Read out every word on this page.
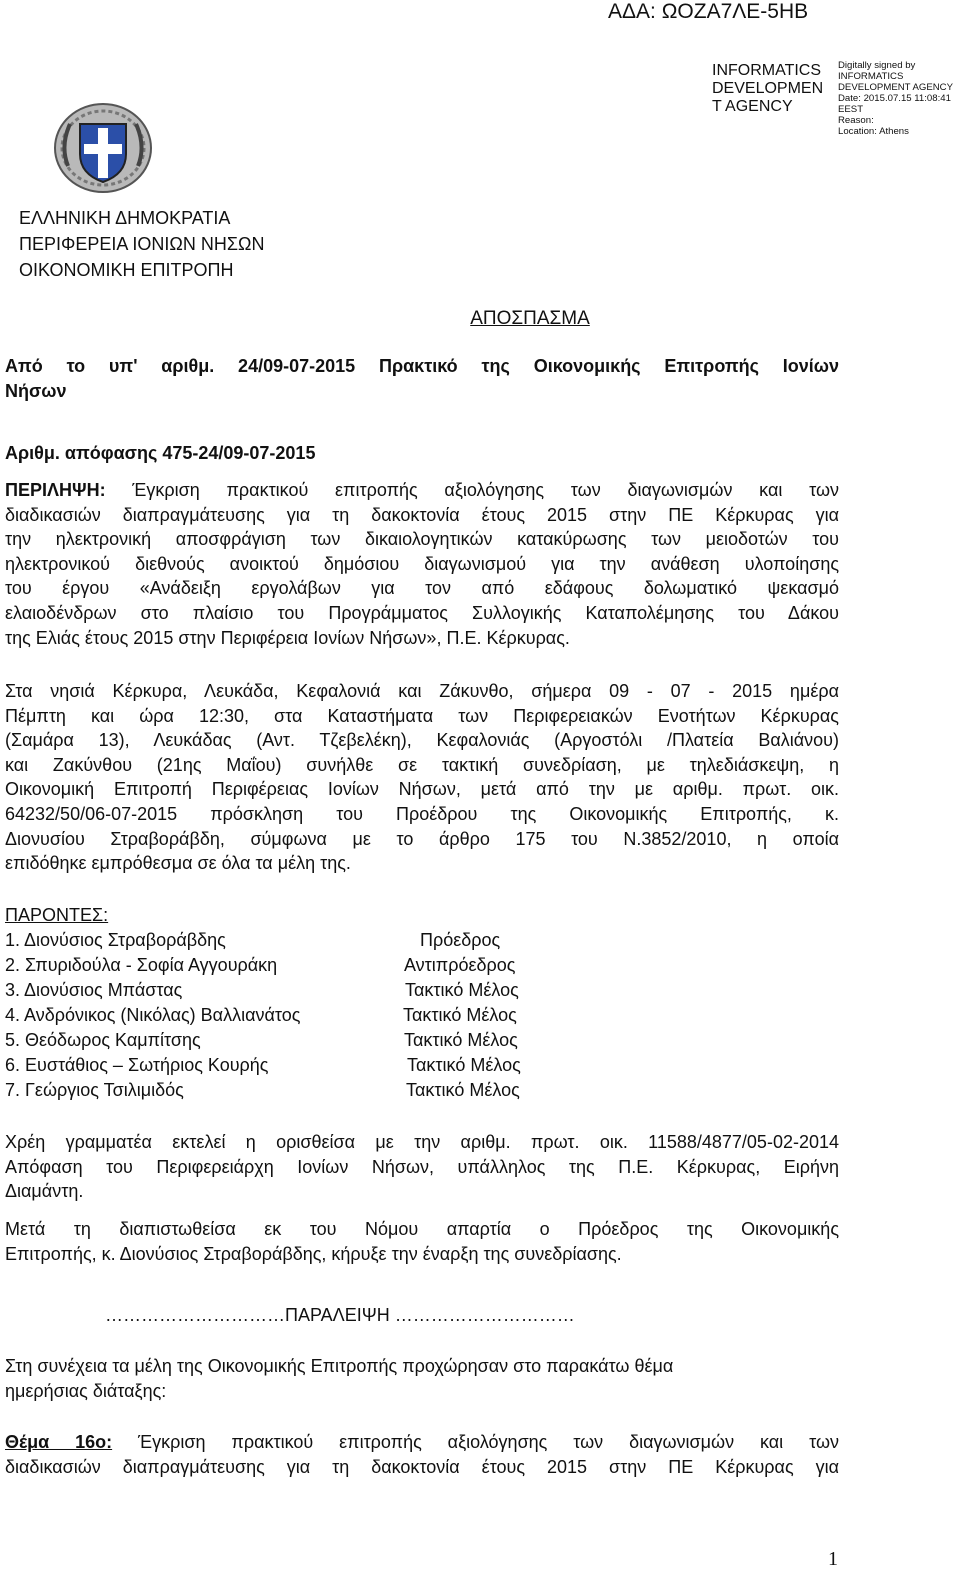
ΑΔΑ: ΩΟΖΑ7ΛΕ-5ΗΒ
INFORMATICS
DEVELOPMEN
T AGENCY
Digitally signed by
INFORMATICS
DEVELOPMENT AGENCY
Date: 2015.07.15 11:08:41
EEST
Reason:
Location: Athens
ΕΛΛΗΝΙΚΗ ΔΗΜΟΚΡΑΤΙΑ
ΠΕΡΙΦΕΡΕΙΑ ΙΟΝΙΩΝ ΝΗΣΩΝ
ΟΙΚΟΝΟΜΙΚΗ ΕΠΙΤΡΟΠΗ
ΑΠΟΣΠΑΣΜΑ
Από το υπ' αριθμ. 24/09-07-2015 Πρακτικό της Οικονομικής Επιτροπής Ιονίων
Νήσων
Αριθμ. απόφασης 475-24/09-07-2015
ΠΕΡΙΛΗΨΗ: Έγκριση πρακτικού επιτροπής αξιολόγησης των διαγωνισμών και των
διαδικασιών διαπραγμάτευσης για τη δακοκτονία έτους 2015 στην ΠΕ Κέρκυρας για
την ηλεκτρονική αποσφράγιση των δικαιολογητικών κατακύρωσης των μειοδοτών του
ηλεκτρονικού διεθνούς ανοικτού δημόσιου διαγωνισμού για την ανάθεση υλοποίησης
του έργου «Ανάδειξη εργολάβων για τον από εδάφους δολωματικό ψεκασμό
ελαιοδένδρων στο πλαίσιο του Προγράμματος Συλλογικής Καταπολέμησης του Δάκου
της Ελιάς έτους 2015 στην Περιφέρεια Ιονίων Νήσων», Π.Ε. Κέρκυρας.
Στα νησιά Κέρκυρα, Λευκάδα, Κεφαλονιά και Ζάκυνθο, σήμερα 09 - 07 - 2015 ημέρα
Πέμπτη και ώρα 12:30, στα Καταστήματα των Περιφερειακών Ενοτήτων Κέρκυρας
(Σαμάρα 13), Λευκάδας (Αντ. Τζεβελέκη), Κεφαλονιάς (Αργοστόλι /Πλατεία Βαλιάνου)
και Ζακύνθου (21ης Μαΐου) συνήλθε σε τακτική συνεδρίαση, με τηλεδιάσκεψη, η
Οικονομική Επιτροπή Περιφέρειας Ιονίων Νήσων, μετά από την με αριθμ. πρωτ. οικ.
64232/50/06-07-2015 πρόσκληση του Προέδρου της Οικονομικής Επιτροπής, κ.
Διονυσίου Στραβοράβδη, σύμφωνα με το άρθρο 175 του Ν.3852/2010, η οποία
επιδόθηκε εμπρόθεσμα σε όλα τα μέλη της.
ΠΑΡΟΝΤΕΣ:
1. Διονύσιος Στραβοράβδης	Πρόεδρος
2. Σπυριδούλα - Σοφία Αγγουράκη	Αντιπρόεδρος
3. Διονύσιος Μπάστας	Τακτικό Μέλος
4. Ανδρόνικος (Νικόλας) Βαλλιανάτος	Τακτικό Μέλος
5. Θεόδωρος Καμπίτσης	Τακτικό Μέλος
6. Ευστάθιος – Σωτήριος Κουρής	Τακτικό Μέλος
7. Γεώργιος Τσιλιμιδός	Τακτικό Μέλος
Χρέη γραμματέα εκτελεί η ορισθείσα με την αριθμ. πρωτ. οικ. 11588/4877/05-02-2014
Απόφαση του Περιφερειάρχη Ιονίων Νήσων, υπάλληλος της Π.Ε. Κέρκυρας, Ειρήνη
Διαμάντη.
Μετά τη διαπιστωθείσα εκ του Νόμου απαρτία ο Πρόεδρος της Οικονομικής
Επιτροπής, κ. Διονύσιος Στραβοράβδης, κήρυξε την έναρξη της συνεδρίασης.
…………………………ΠΑΡΑΛΕΙΨΗ …………………………
Στη συνέχεια τα μέλη της Οικονομικής Επιτροπής προχώρησαν στο παρακάτω θέμα
ημερήσιας διάταξης:
Θέμα 16ο: Έγκριση πρακτικού επιτροπής αξιολόγησης των διαγωνισμών και των
διαδικασιών διαπραγμάτευσης για τη δακοκτονία έτους 2015 στην ΠΕ Κέρκυρας για
1
